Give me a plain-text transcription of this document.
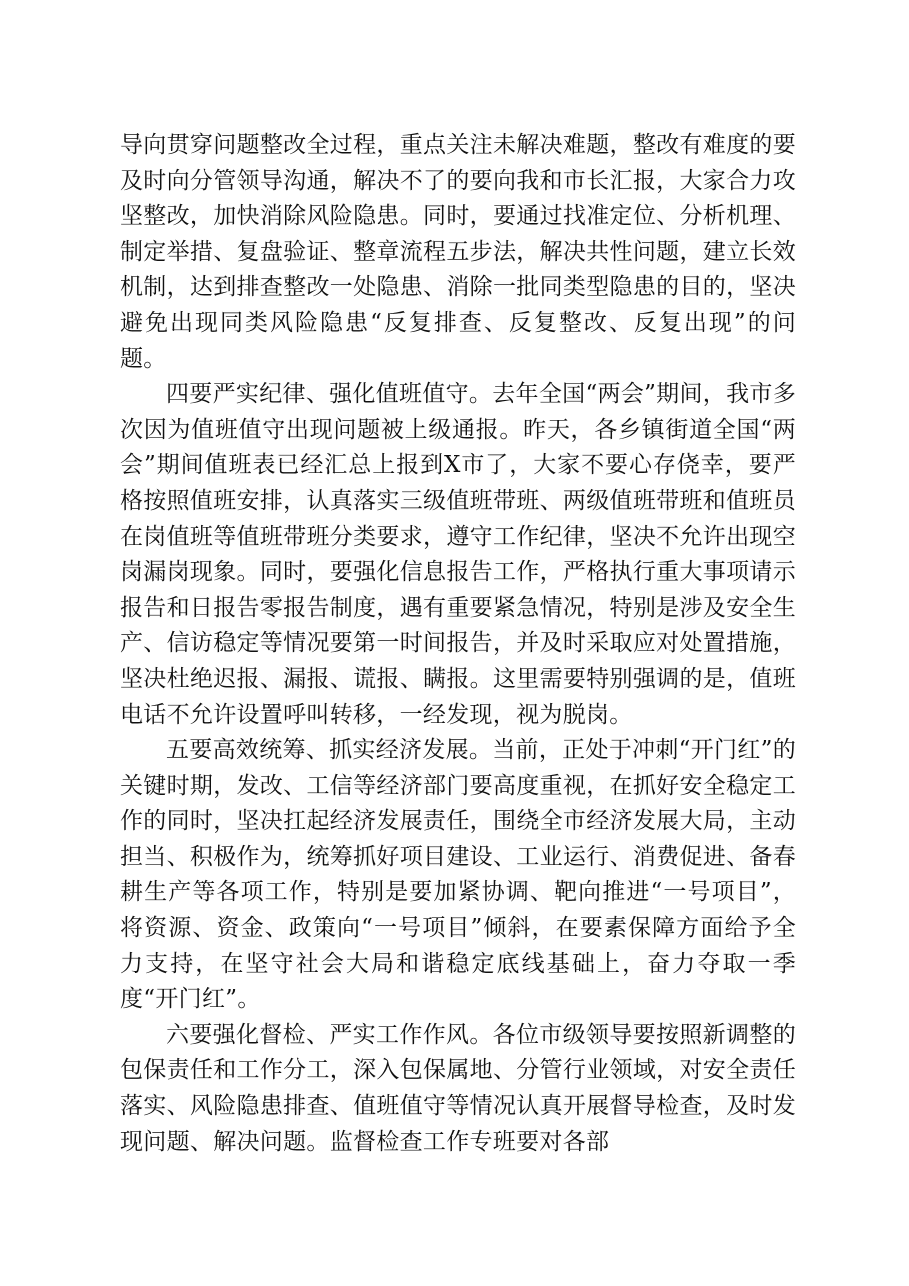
导向贯穿问题整改全过程，重点关注未解决难题，整改有难度的要及时向分管领导沟通，解决不了的要向我和市长汇报，大家合力攻坚整改，加快消除风险隐患。同时，要通过找准定位、分析机理、制定举措、复盘验证、整章流程五步法，解决共性问题，建立长效机制，达到排查整改一处隐患、消除一批同类型隐患的目的，坚决避免出现同类风险隐患“反复排查、反复整改、反复出现”的问题。

四要严实纪律、强化值班值守。去年全国“两会”期间，我市多次因为值班值守出现问题被上级通报。昨天，各乡镇街道全国“两会”期间值班表已经汇总上报到X市了，大家不要心存侥幸，要严格按照值班安排，认真落实三级值班带班、两级值班带班和值班员在岗值班等值班带班分类要求，遵守工作纪律，坚决不允许出现空岗漏岗现象。同时，要强化信息报告工作，严格执行重大事项请示报告和日报告零报告制度，遇有重要紧急情况，特别是涉及安全生产、信访稳定等情况要第一时间报告，并及时采取应对处置措施，坚决杜绝迟报、漏报、谎报、瞒报。这里需要特别强调的是，值班电话不允许设置呼叫转移，一经发现，视为脱岗。

五要高效统筹、抓实经济发展。当前，正处于冲刺“开门红”的关键时期，发改、工信等经济部门要高度重视，在抓好安全稳定工作的同时，坚决扛起经济发展责任，围绕全市经济发展大局，主动担当、积极作为，统筹抓好项目建设、工业运行、消费促进、备春耕生产等各项工作，特别是要加紧协调、靶向推进“一号项目”，将资源、资金、政策向“一号项目”倾斜，在要素保障方面给予全力支持，在坚守社会大局和谐稳定底线基础上，奋力夺取一季度“开门红”。

六要强化督检、严实工作作风。各位市级领导要按照新调整的包保责任和工作分工，深入包保属地、分管行业领域，对安全责任落实、风险隐患排查、值班值守等情况认真开展督导检查，及时发现问题、解决问题。监督检查工作专班要对各部
